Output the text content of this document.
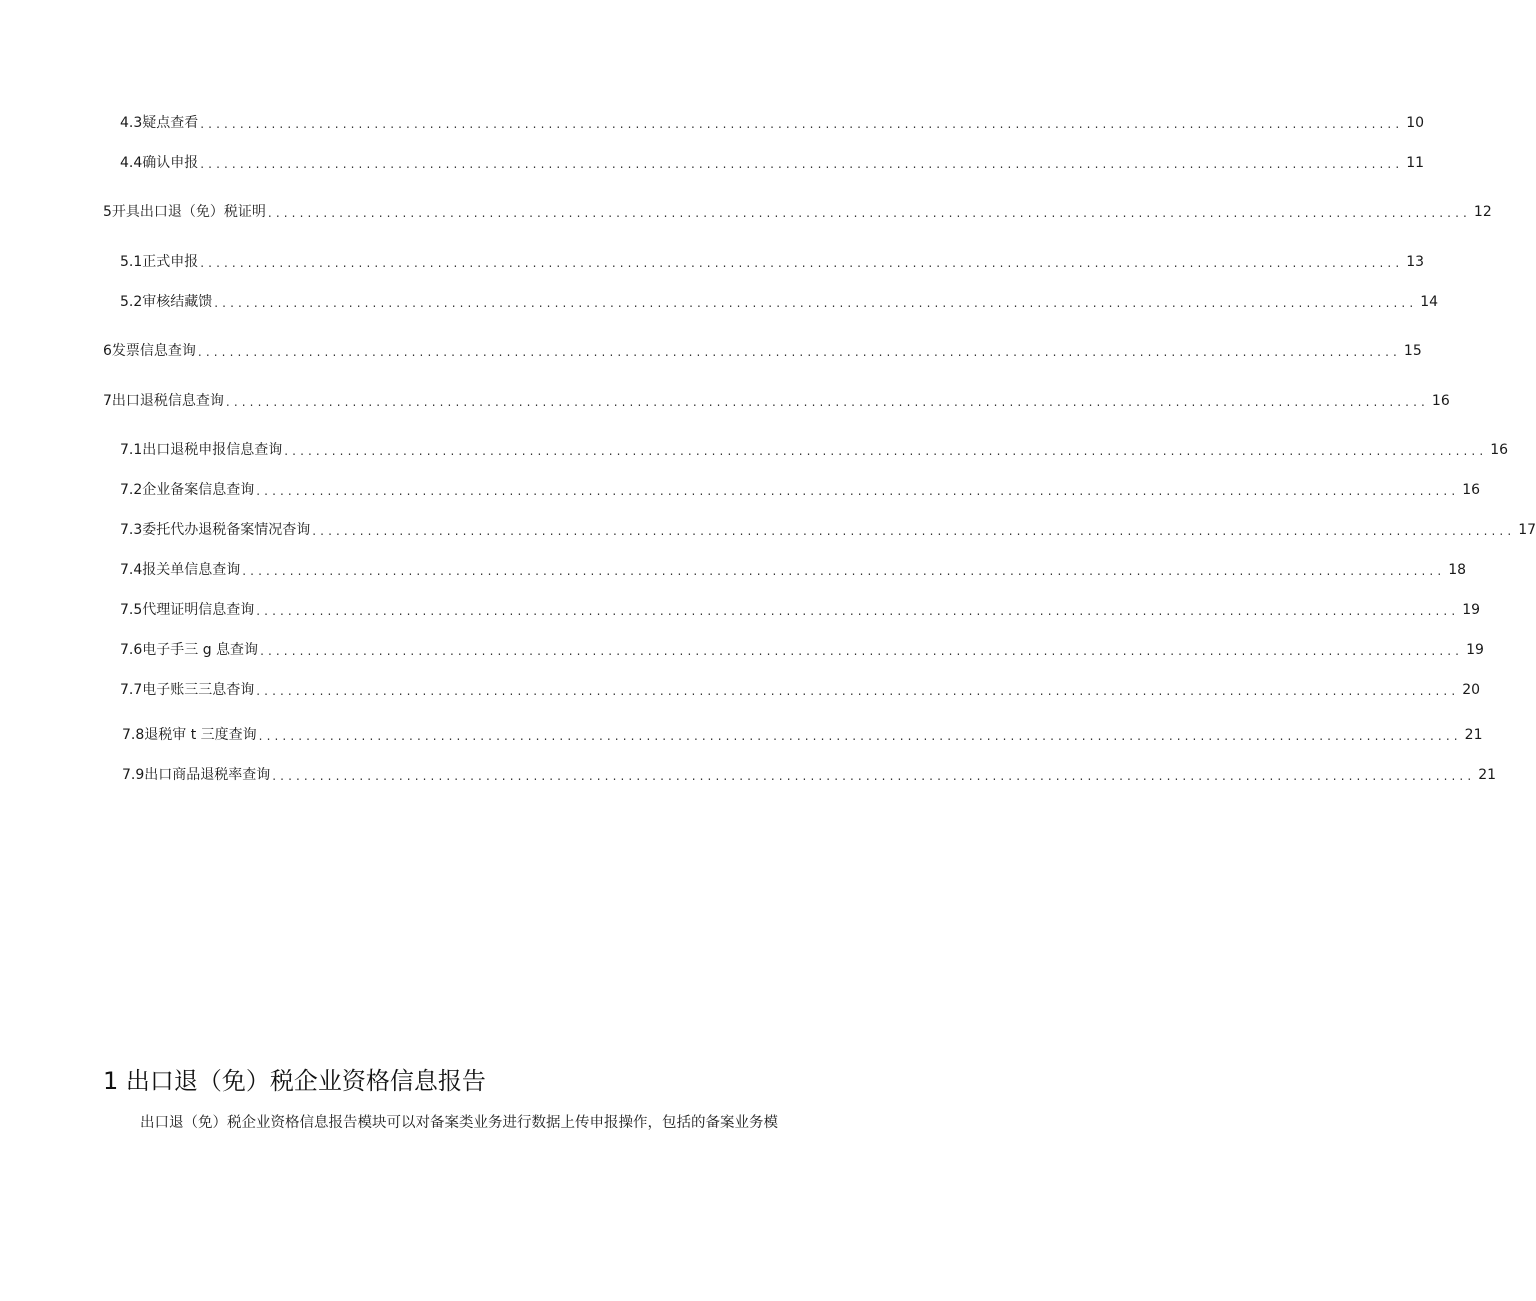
4.3 疑点查看 ........................................................................................................................................................ 10
4.4 确认申报 ........................................................................................................................................................ 11
5 开具出口退（免）税证明 ........................................................................................................................................................ 12
5.1 正式申报 ........................................................................................................................................................ 13
5.2 审核结藏馈 ........................................................................................................................................................ 14
6 发票信息查询 ........................................................................................................................................................ 15
7 出口退税信息查询 ........................................................................................................................................................ 16
7.1 出口退税申报信息查询 ........................................................................................................................................................ 16
7.2 企业备案信息查询 ........................................................................................................................................................ 16
7.3 委托代办退税备案情况杳询 ........................................................................................................................................................ 17
7.4 报关单信息查询 ........................................................................................................................................................ 18
7.5 代理证明信息查询 ........................................................................................................................................................ 19
7.6 电子手三 g 息查询 ........................................................................................................................................................ 19
7.7 电子账三三息杳询 ........................................................................................................................................................ 20
7.8 退税审 t 三度查询 ........................................................................................................................................................ 21
7.9 出口商品退税率查询 ........................................................................................................................................................ 21
1 出口退（免）税企业资格信息报告
出口退（免）税企业资格信息报告模块可以对备案类业务进行数据上传申报操作，包括的备案业务模
